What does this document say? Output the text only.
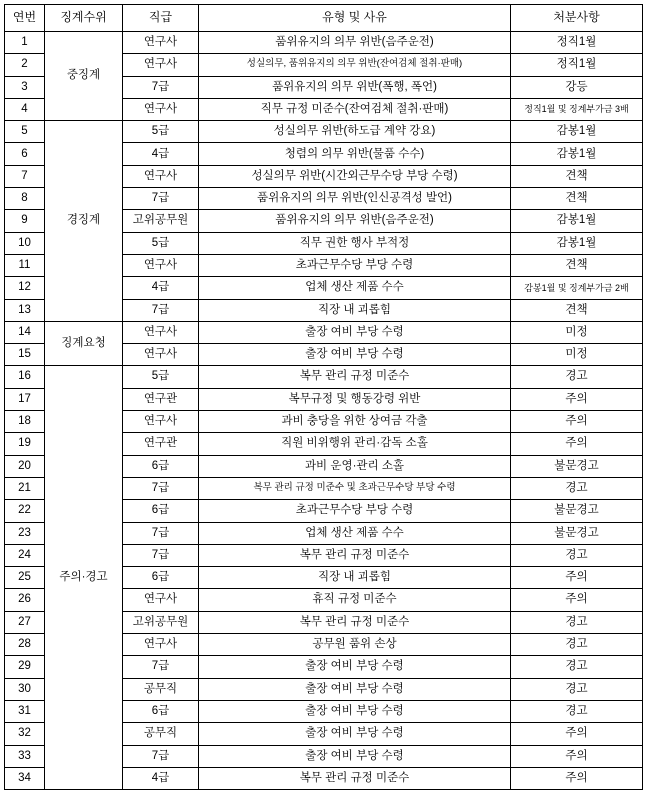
연번	징계수위	직급	유형 및 사유	처분사항
1	중징계	연구사	품위유지의 의무 위반(음주운전)	정직1월
2		연구사	성실의무, 품위유지의 의무 위반(잔여검체 절취·판매)	정직1월
3		7급	품위유지의 의무 위반(폭행, 폭언)	강등
4		연구사	직무 규정 미준수(잔여검체 절취·판매)	정직1월 및 징계부가금 3배
5	경징계	5급	성실의무 위반(하도급 계약 강요)	감봉1월
6		4급	청렴의 의무 위반(물품 수수)	감봉1월
7		연구사	성실의무 위반(시간외근무수당 부당 수령)	견책
8		7급	품위유지의 의무 위반(인신공격성 발언)	견책
9		고위공무원	품위유지의 의무 위반(음주운전)	감봉1월
10		5급	직무 권한 행사 부적정	감봉1월
11		연구사	초과근무수당 부당 수령	견책
12		4급	업체 생산 제품 수수	감봉1월 및 징계부가금 2배
13		7급	직장 내 괴롭힘	견책
14	징계요청	연구사	출장 여비 부당 수령	미정
15		연구사	출장 여비 부당 수령	미정
16	주의·경고	5급	복무 관리 규정 미준수	경고
17		연구관	복무규정 및 행동강령 위반	주의
18		연구사	과비 충당을 위한 상여금 각출	주의
19		연구관	직원 비위행위 관리·감독 소홀	주의
20		6급	과비 운영·관리 소홀	불문경고
21		7급	복무 관리 규정 미준수 및 초과근무수당 부당 수령	경고
22		6급	초과근무수당 부당 수령	불문경고
23		7급	업체 생산 제품 수수	불문경고
24		7급	복무 관리 규정 미준수	경고
25		6급	직장 내 괴롭힘	주의
26		연구사	휴직 규정 미준수	주의
27		고위공무원	복무 관리 규정 미준수	경고
28		연구사	공무원 품위 손상	경고
29		7급	출장 여비 부당 수령	경고
30		공무직	출장 여비 부당 수령	경고
31		6급	출장 여비 부당 수령	경고
32		공무직	출장 여비 부당 수령	주의
33		7급	출장 여비 부당 수령	주의
34		4급	복무 관리 규정 미준수	주의
